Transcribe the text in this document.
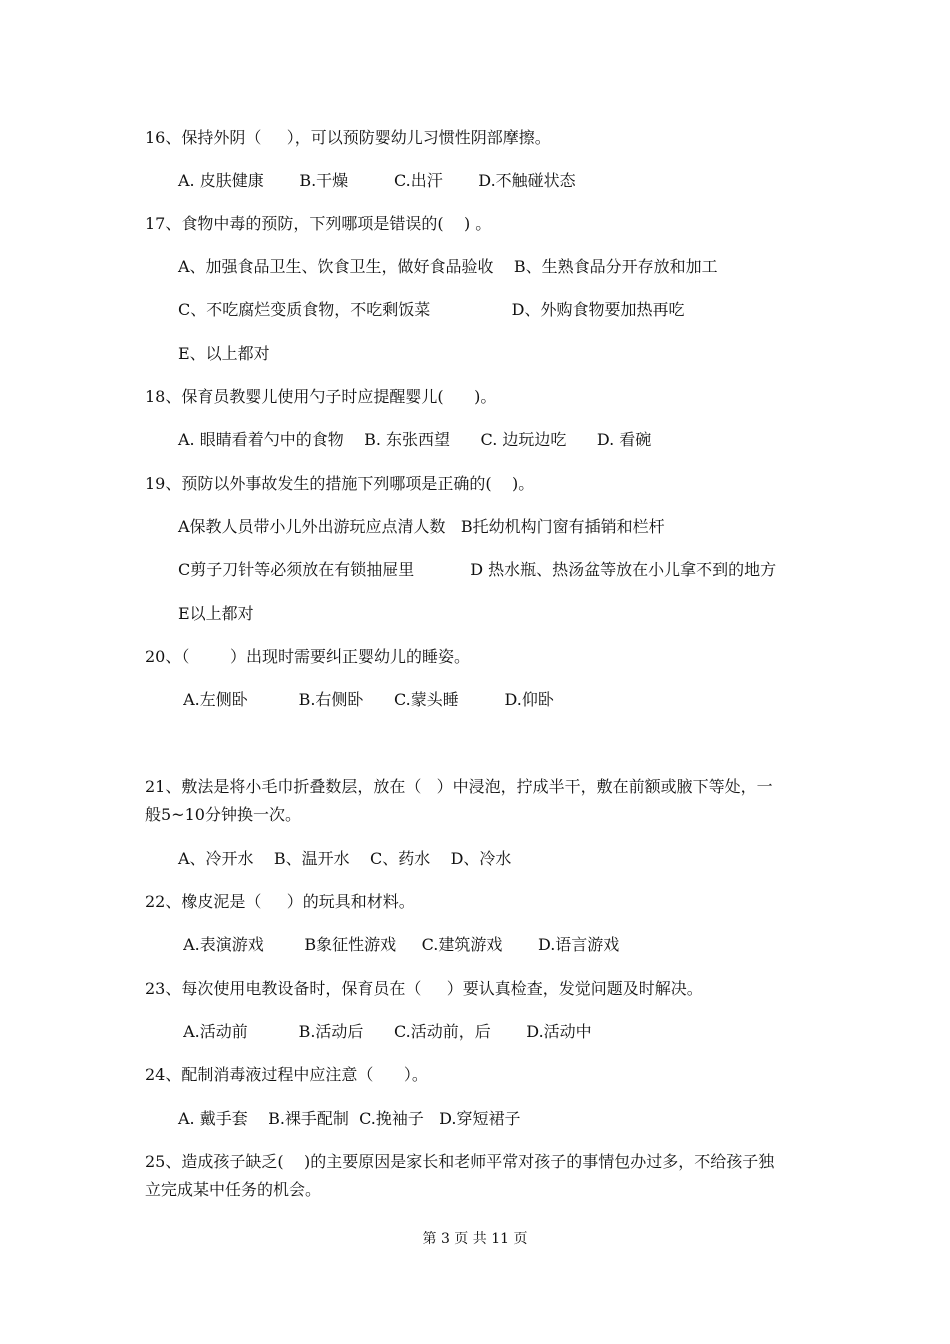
16、保持外阴（     ），可以预防婴幼儿习惯性阴部摩擦。
A. 皮肤健康       B.干燥         C.出汗       D.不触碰状态
17、食物中毒的预防，下列哪项是错误的(    ) 。
A、加强食品卫生、饮食卫生，做好食品验收    B、生熟食品分开存放和加工
C、不吃腐烂变质食物，不吃剩饭菜                D、外购食物要加热再吃
E、以上都对
18、保育员教婴儿使用勺子时应提醒婴儿(      )。
A. 眼睛看着勺中的食物    B. 东张西望      C. 边玩边吃      D. 看碗
19、预防以外事故发生的措施下列哪项是正确的(    )。
A保教人员带小儿外出游玩应点清人数   B托幼机构门窗有插销和栏杆
C剪子刀针等必须放在有锁抽屉里           D 热水瓶、热汤盆等放在小儿拿不到的地方
E以上都对
20、（        ）出现时需要纠正婴幼儿的睡姿。
A.左侧卧          B.右侧卧      C.蒙头睡         D.仰卧
21、敷法是将小毛巾折叠数层，放在（   ）中浸泡，拧成半干，敷在前额或腋下等处，一
般5~10分钟换一次。
A、冷开水    B、温开水    C、药水    D、冷水
22、橡皮泥是（     ）的玩具和材料。
A.表演游戏        B象征性游戏     C.建筑游戏       D.语言游戏
23、每次使用电教设备时，保育员在（     ）要认真检查，发觉问题及时解决。
A.活动前          B.活动后      C.活动前，后       D.活动中
24、配制消毒液过程中应注意（      ）。
A. 戴手套    B.裸手配制  C.挽袖子   D.穿短裙子
25、造成孩子缺乏(    )的主要原因是家长和老师平常对孩子的事情包办过多，不给孩子独
立完成某中任务的机会。
第 3 页 共 11 页
